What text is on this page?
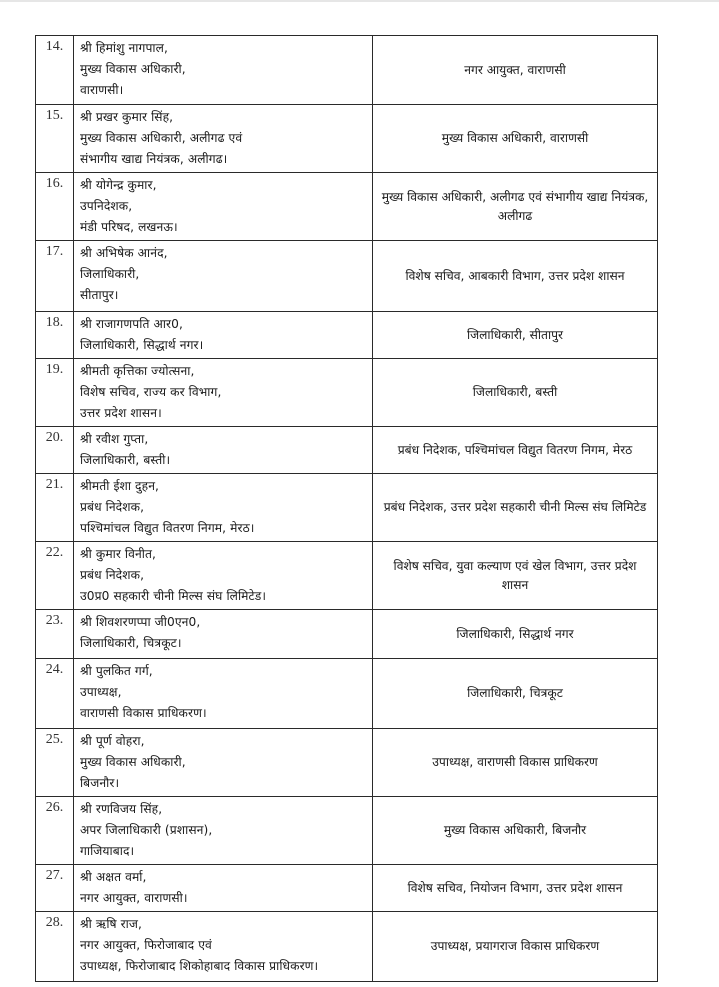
14.	श्री हिमांशु नागपाल,
मुख्य विकास अधिकारी,
वाराणसी।	नगर आयुक्त, वाराणसी
15.	श्री प्रखर कुमार सिंह,
मुख्य विकास अधिकारी, अलीगढ एवं
संभागीय खाद्य नियंत्रक, अलीगढ।	मुख्य विकास अधिकारी, वाराणसी
16.	श्री योगेन्द्र कुमार,
उपनिदेशक,
मंडी परिषद, लखनऊ।	मुख्य विकास अधिकारी, अलीगढ एवं संभागीय खाद्य नियंत्रक, अलीगढ
17.	श्री अभिषेक आनंद,
जिलाधिकारी,
सीतापुर।	विशेष सचिव, आबकारी विभाग, उत्तर प्रदेश शासन
18.	श्री राजागणपति आर0,
जिलाधिकारी, सिद्धार्थ नगर।	जिलाधिकारी, सीतापुर
19.	श्रीमती कृत्तिका ज्योत्सना,
विशेष सचिव, राज्य कर विभाग,
उत्तर प्रदेश शासन।	जिलाधिकारी, बस्ती
20.	श्री रवीश गुप्ता,
जिलाधिकारी, बस्ती।	प्रबंध निदेशक, पश्चिमांचल विद्युत वितरण निगम, मेरठ
21.	श्रीमती ईशा दुहन,
प्रबंध निदेशक,
पश्चिमांचल विद्युत वितरण निगम, मेरठ।	प्रबंध निदेशक, उत्तर प्रदेश सहकारी चीनी मिल्स संघ लिमिटेड
22.	श्री कुमार विनीत,
प्रबंध निदेशक,
उ0प्र0 सहकारी चीनी मिल्स संघ लिमिटेड।	विशेष सचिव, युवा कल्याण एवं खेल विभाग, उत्तर प्रदेश शासन
23.	श्री शिवशरणप्पा जी0एन0,
जिलाधिकारी, चित्रकूट।	जिलाधिकारी, सिद्धार्थ नगर
24.	श्री पुलकित गर्ग,
उपाध्यक्ष,
वाराणसी विकास प्राधिकरण।	जिलाधिकारी, चित्रकूट
25.	श्री पूर्ण वोहरा,
मुख्य विकास अधिकारी,
बिजनौर।	उपाध्यक्ष, वाराणसी विकास प्राधिकरण
26.	श्री रणविजय सिंह,
अपर जिलाधिकारी (प्रशासन),
गाजियाबाद।	मुख्य विकास अधिकारी, बिजनौर
27.	श्री अक्षत वर्मा,
नगर आयुक्त, वाराणसी।	विशेष सचिव, नियोजन विभाग, उत्तर प्रदेश शासन
28.	श्री ऋषि राज,
नगर आयुक्त, फिरोजाबाद एवं
उपाध्यक्ष, फिरोजाबाद शिकोहाबाद विकास प्राधिकरण।	उपाध्यक्ष, प्रयागराज विकास प्राधिकरण
